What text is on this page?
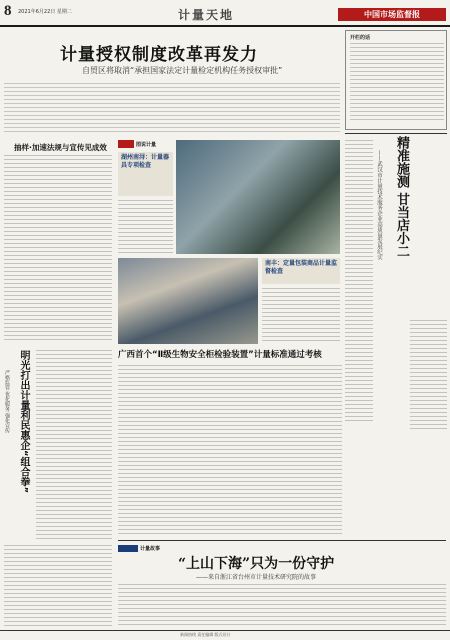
8 2021年6月22日 星期二	计量天地	中国市场监督报
计量授权制度改革再发力
自贸区将取消“承担国家法定计量检定机构任务授权审批”
开栏的话
抽样·加速法规与宣传见成效	图说计量
湖州南浔：计量器具专项检查
南丰：定量包装商品计量监督检查
精准施测 甘当店小二
——武汉市计量技术服务企业高质量发展纪实
明光打出计量利民惠企“组合拳”
严格监管 优化服务 强化宣传
广西首个“Ⅱ级生物安全柜检验装置”计量标准通过考核
计量故事
“上山下海”只为一份守护
——来自浙江省台州市计量技术研究院的故事
新闻热线 责任编辑 版式设计
